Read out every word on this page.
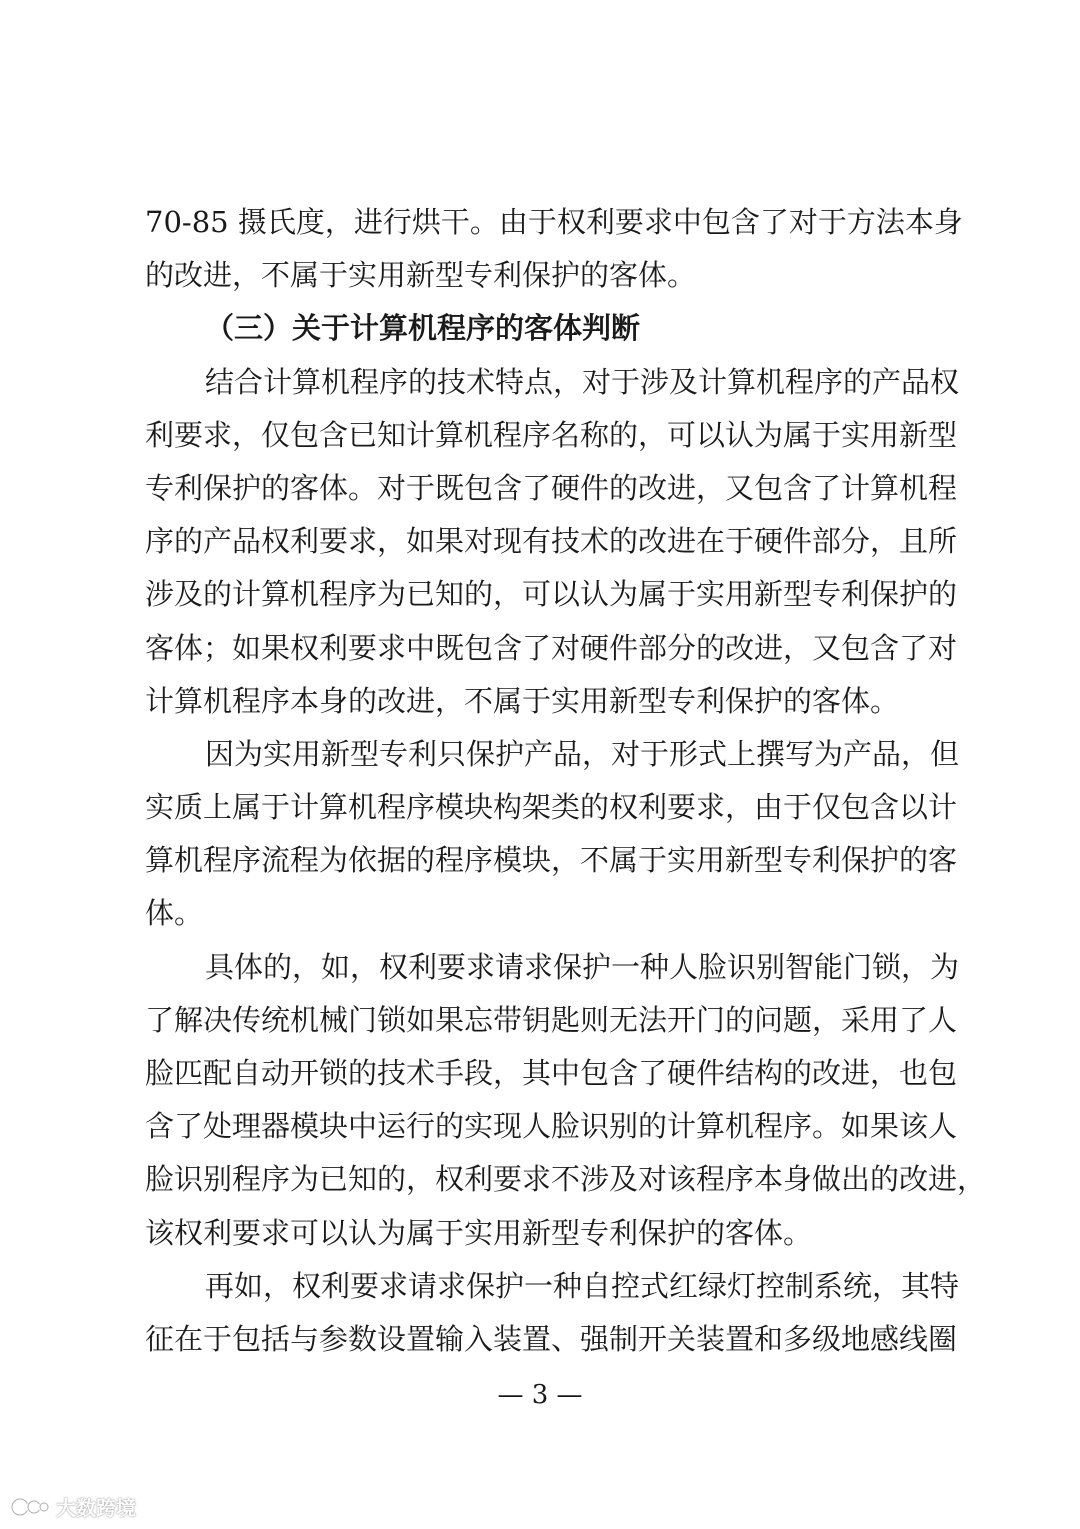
70-85 摄氏度，进行烘干。由于权利要求中包含了对于方法本身
的改进，不属于实用新型专利保护的客体。
（三）关于计算机程序的客体判断
结合计算机程序的技术特点，对于涉及计算机程序的产品权
利要求，仅包含已知计算机程序名称的，可以认为属于实用新型
专利保护的客体。对于既包含了硬件的改进，又包含了计算机程
序的产品权利要求，如果对现有技术的改进在于硬件部分，且所
涉及的计算机程序为已知的，可以认为属于实用新型专利保护的
客体；如果权利要求中既包含了对硬件部分的改进，又包含了对
计算机程序本身的改进，不属于实用新型专利保护的客体。
因为实用新型专利只保护产品，对于形式上撰写为产品，但
实质上属于计算机程序模块构架类的权利要求，由于仅包含以计
算机程序流程为依据的程序模块，不属于实用新型专利保护的客
体。
具体的，如，权利要求请求保护一种人脸识别智能门锁，为
了解决传统机械门锁如果忘带钥匙则无法开门的问题，采用了人
脸匹配自动开锁的技术手段，其中包含了硬件结构的改进，也包
含了处理器模块中运行的实现人脸识别的计算机程序。如果该人
脸识别程序为已知的，权利要求不涉及对该程序本身做出的改进，
该权利要求可以认为属于实用新型专利保护的客体。
再如，权利要求请求保护一种自控式红绿灯控制系统，其特
征在于包括与参数设置输入装置、强制开关装置和多级地感线圈
— 3 —
大数跨境
